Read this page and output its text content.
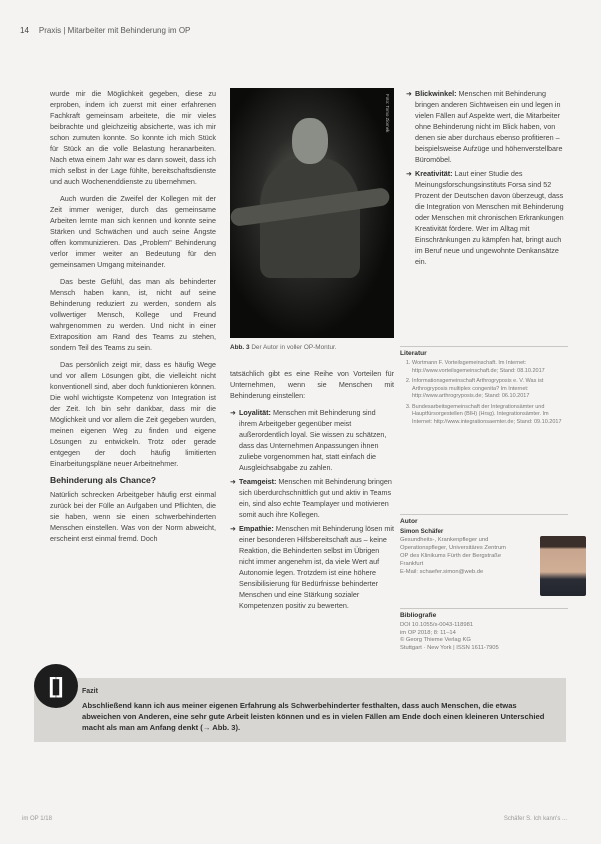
14 Praxis | Mitarbeiter mit Behinderung im OP

wurde mir die Möglichkeit gegeben, diese zu erproben, indem ich zuerst mit einer erfahrenen Fachkraft gemeinsam arbeitete, die mir vieles beibrachte und gleichzeitig absicherte, was ich mir schon zumuten konnte. So konnte ich mich Stück für Stück an die volle Belastung heranarbeiten. Nach etwa einem Jahr war es dann soweit, dass ich mich selbst in der Lage fühlte, bereitschaftsdienste und auch Wochenenddienste zu übernehmen.

Auch wurden die Zweifel der Kollegen mit der Zeit immer weniger, durch das gemeinsame Arbeiten lernte man sich kennen und konnte seine Stärken und Schwächen und auch seine Ängste offen kommunizieren. Das „Problem" Behinderung verlor immer weiter an Bedeutung für den gemeinsamen Umgang miteinander.

Das beste Gefühl, das man als behinderter Mensch haben kann, ist, nicht auf seine Behinderung reduziert zu werden, sondern als vollwertiger Mensch, Kollege und Freund wahrgenommen zu werden. Und nicht in einer Extraposition am Rand des Teams zu stehen, sondern Teil des Teams zu sein.

Das persönlich zeigt mir, dass es häufig Wege und vor allem Lösungen gibt, die vielleicht nicht konventionell sind, aber doch funktionieren können. Die wohl wichtigste Kompetenz von Integration ist der Zeit. Ich bin sehr dankbar, dass mir die Möglichkeit und vor allem die Zeit gegeben wurden, meinen eigenen Weg zu finden und eigene Lösungen zu entwickeln. Trotz oder gerade entgegen der doch häufig limitierten Einarbeitungspläne neuer Arbeitnehmer.

Behinderung als Chance?

Natürlich schrecken Arbeitgeber häufig erst einmal zurück bei der Fülle an Aufgaben und Pflichten, die sie haben, wenn sie einen schwerbehinderten Menschen einstellen. Was von der Norm abweicht, erscheint erst einmal fremd. Doch

Foto: Tomo Ziomek
Abb. 3 Der Autor in voller OP-Montur.

tatsächlich gibt es eine Reihe von Vorteilen für Unternehmen, wenn sie Menschen mit Behinderung einstellen:

➜ Loyalität: Menschen mit Behinderung sind ihrem Arbeitgeber gegenüber meist außerordentlich loyal. Sie wissen zu schätzen, dass das Unternehmen Anpassungen ihnen zuliebe vorgenommen hat, statt einfach die Ausgleichsabgabe zu zahlen.
➜ Teamgeist: Menschen mit Behinderung bringen sich überdurchschnittlich gut und aktiv in Teams ein, sind also echte Teamplayer und motivieren somit auch ihre Kollegen.
➜ Empathie: Menschen mit Behinderung lösen mit einer besonderen Hilfsbereitschaft aus – keine Reaktion, die Behinderten selbst im Übrigen nicht immer angenehm ist, da viele Wert auf Autonomie legen. Trotzdem ist eine höhere Sensibilisierung für Bedürfnisse behinderter Menschen und eine Stärkung sozialer Kompetenzen positiv zu bewerten.
➜ Blickwinkel: Menschen mit Behinderung bringen anderen Sichtweisen ein und legen in vielen Fällen auf Aspekte wert, die Mitarbeiter ohne Behinderung nicht im Blick haben, von denen sie aber durchaus ebenso profitieren – beispielsweise Aufzüge und höhenverstellbare Büromöbel.
➜ Kreativität: Laut einer Studie des Meinungsforschungsinstituts Forsa sind 52 Prozent der Deutschen davon überzeugt, dass die Integration von Menschen mit Behinderung oder Menschen mit chronischen Erkrankungen Kreativität fördere. Wer im Alltag mit Einschränkungen zu kämpfen hat, bringt auch im Beruf neue und ungewohnte Denkansätze ein.
Literatur
1. Wortmann F. Vorteilsgemeinschaft. Im Internet: http://www.vorteilsgemeinschaft.de; Stand: 08.10.2017
2. Informationsgemeinschaft Arthrogryposis e. V. Was ist Arthrogryposis multiplex congenita? Im Internet: http://www.arthrogryposis.de; Stand: 06.10.2017
3. Bundesarbeitsgemeinschaft der Integrationsämter und Hauptfürsorgestellen (BIH) (Hrsg). Integrationsämter. Im Internet: http://www.integrationsaemter.de; Stand: 09.10.2017
Autor
Simon Schäfer
Gesundheits-, Krankenpfleger und Operationspfleger, Universitäres Zentrum OP des Klinikums Fürth der Bergstraße Frankfurt
E-Mail: schaefer.simon@web.de
Bibliografie
DOI 10.1055/s-0043-118981
im OP 2018; 8: 11–14
© Georg Thieme Verlag KG
Stuttgart · New York | ISSN 1611-7905
[]	Fazit
Abschließend kann ich aus meiner eigenen Erfahrung als Schwerbehinderter festhalten, dass auch Menschen, die etwas abweichen von Anderen, eine sehr gute Arbeit leisten können und es in vielen Fällen am Ende doch einen kleineren Unterschied macht als man am Anfang denkt (→ Abb. 3).
im OP 1/18	Schäfer S. Ich kann's ...
